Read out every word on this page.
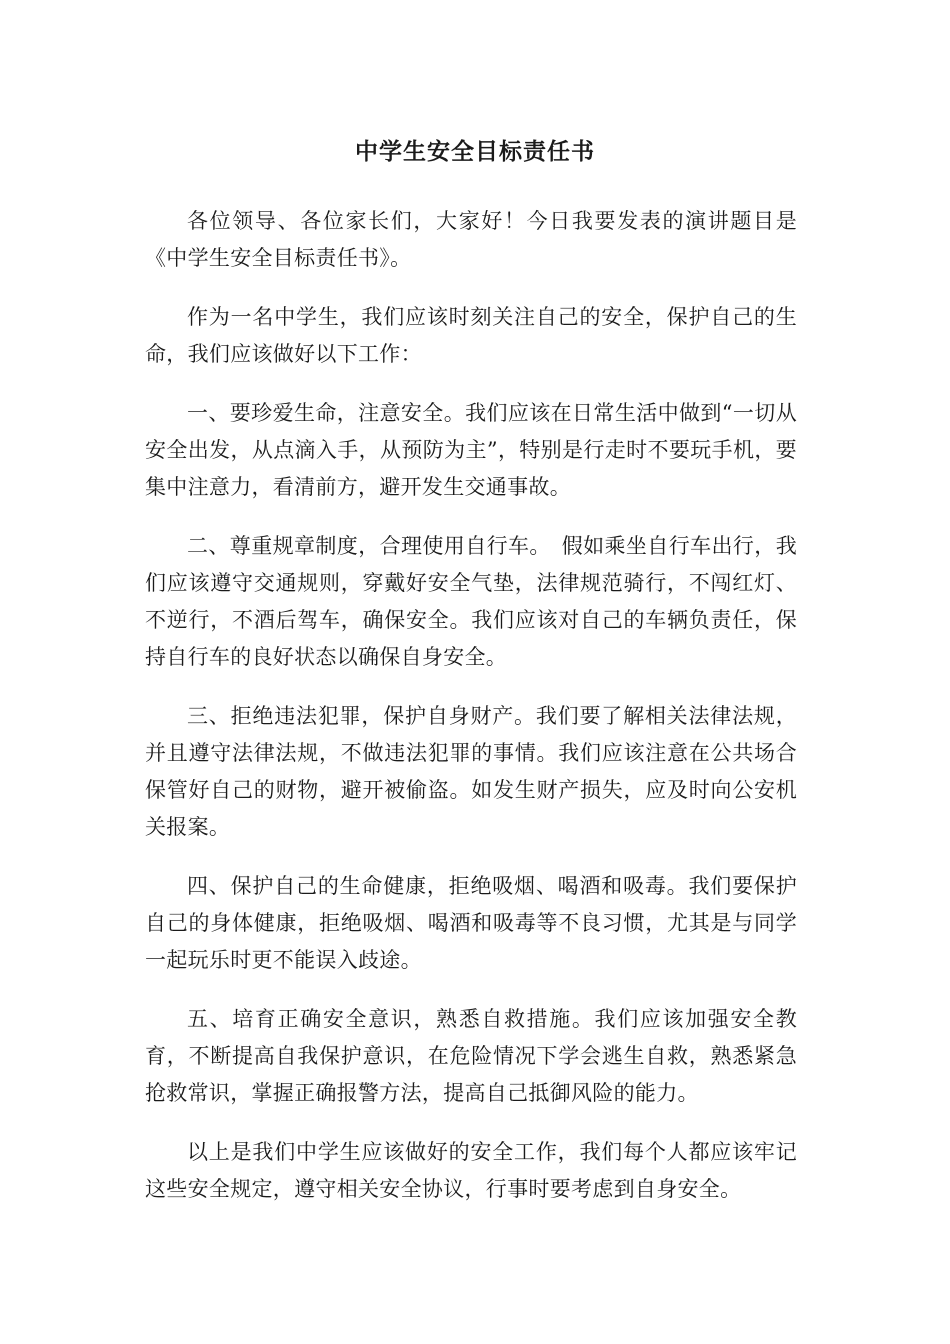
中学生安全目标责任书

各位领导、各位家长们，大家好！今日我要发表的演讲题目是《中学生安全目标责任书》。

作为一名中学生，我们应该时刻关注自己的安全，保护自己的生命，我们应该做好以下工作：

一、要珍爱生命，注意安全。我们应该在日常生活中做到“一切从安全出发，从点滴入手，从预防为主”，特别是行走时不要玩手机，要集中注意力，看清前方，避开发生交通事故。

二、尊重规章制度，合理使用自行车。　假如乘坐自行车出行，我们应该遵守交通规则，穿戴好安全气垫，法律规范骑行，不闯红灯、不逆行，不酒后驾车，确保安全。我们应该对自己的车辆负责任，保持自行车的良好状态以确保自身安全。

三、拒绝违法犯罪，保护自身财产。我们要了解相关法律法规，并且遵守法律法规，不做违法犯罪的事情。我们应该注意在公共场合保管好自己的财物，避开被偷盗。如发生财产损失，应及时向公安机关报案。

四、保护自己的生命健康，拒绝吸烟、喝酒和吸毒。我们要保护自己的身体健康，拒绝吸烟、喝酒和吸毒等不良习惯，尤其是与同学一起玩乐时更不能误入歧途。

五、培育正确安全意识，熟悉自救措施。我们应该加强安全教育，不断提高自我保护意识，在危险情况下学会逃生自救，熟悉紧急抢救常识，掌握正确报警方法，提高自己抵御风险的能力。

以上是我们中学生应该做好的安全工作，我们每个人都应该牢记这些安全规定，遵守相关安全协议，行事时要考虑到自身安全。
